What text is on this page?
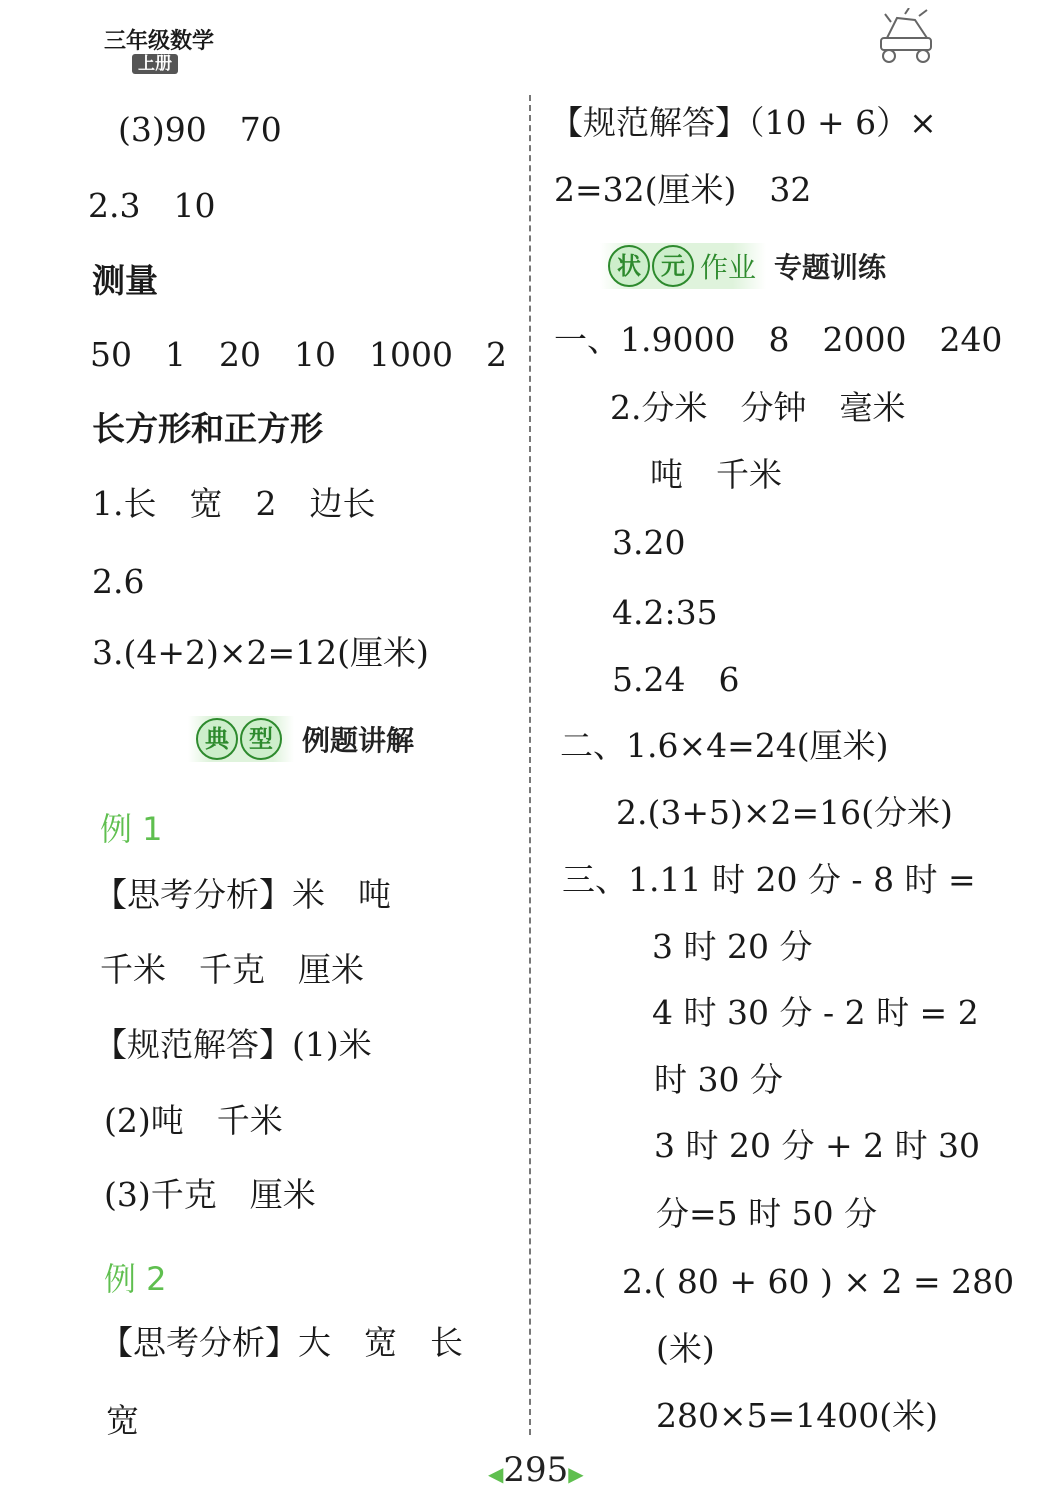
三年级数学
上册
(3)90　70
2.3　10
测量
50　1　20　10　1000　2
长方形和正方形
1.长　宽　2　边长
2.6
3.(4+2)×2=12(厘米)
典 型	例题讲解
例 1
【思考分析】米　吨
千米　千克　厘米
【规范解答】(1)米
(2)吨　千米
(3)千克　厘米
例 2
【思考分析】大　宽　长
宽
【规范解答】（10 + 6）×
2=32(厘米)　32
状 元 作业 专题训练
一、1.9000　8　2000　240
2.分米　分钟　毫米
吨　千米
3.20
4.2:35
5.24　6
二、1.6×4=24(厘米)
2.(3+5)×2=16(分米)
三、1.11 时 20 分 - 8 时 =
3 时 20 分
4 时 30 分 - 2 时 = 2
时 30 分
3 时 20 分 + 2 时 30
分=5 时 50 分
2.( 80 + 60 ) × 2 = 280
(米)
280×5=1400(米)
◀295▶
